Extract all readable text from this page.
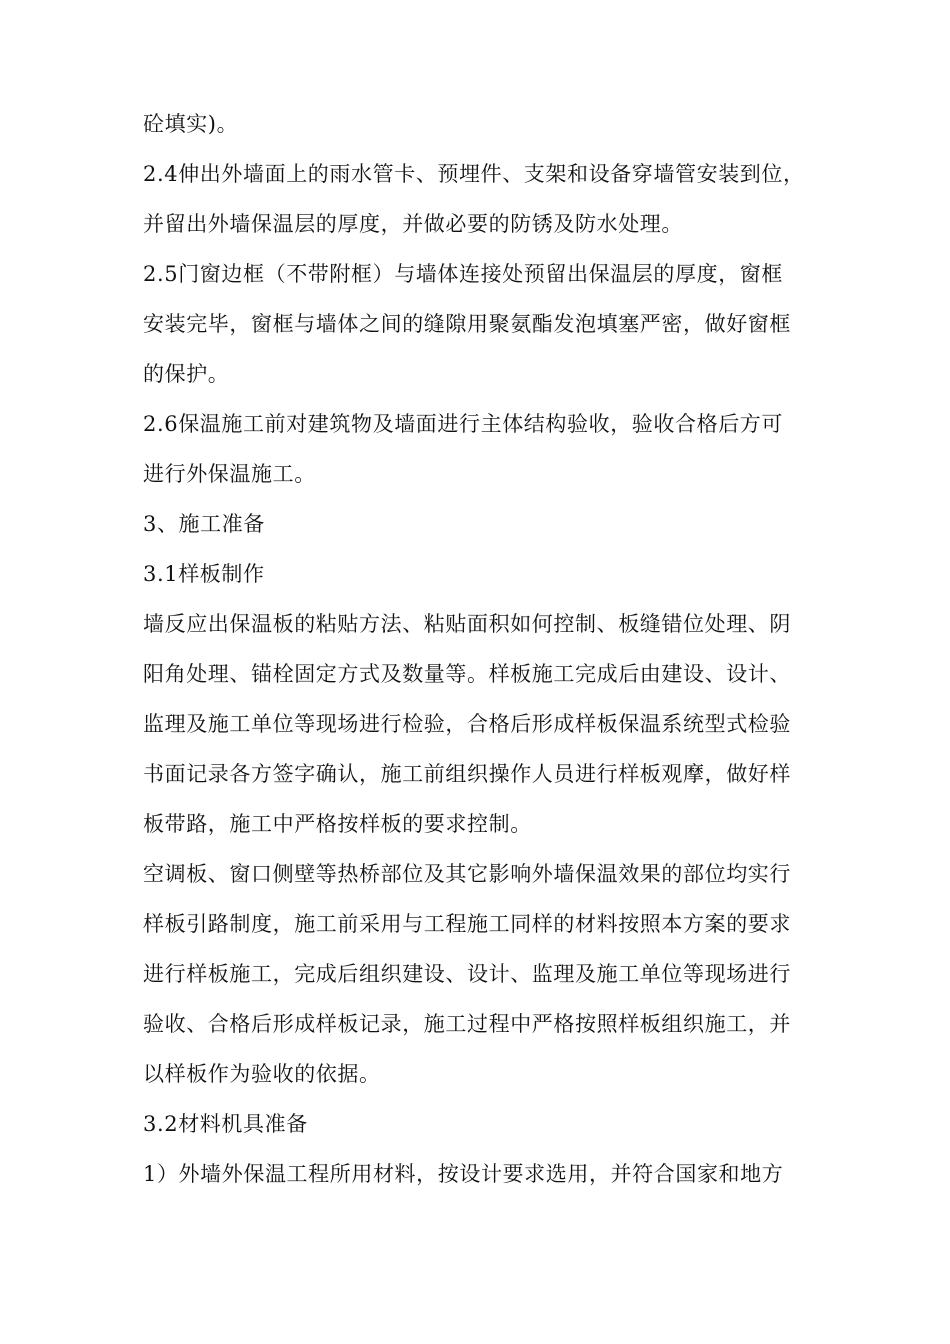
砼填实)。
2.4伸出外墙面上的雨水管卡、预埋件、支架和设备穿墙管安装到位，
并留出外墙保温层的厚度，并做必要的防锈及防水处理。
2.5门窗边框（不带附框）与墙体连接处预留出保温层的厚度，窗框
安装完毕，窗框与墙体之间的缝隙用聚氨酯发泡填塞严密，做好窗框
的保护。
2.6保温施工前对建筑物及墙面进行主体结构验收，验收合格后方可
进行外保温施工。
3、施工准备
3.1样板制作
墙反应出保温板的粘贴方法、粘贴面积如何控制、板缝错位处理、阴
阳角处理、锚栓固定方式及数量等。样板施工完成后由建设、设计、
监理及施工单位等现场进行检验，合格后形成样板保温系统型式检验
书面记录各方签字确认，施工前组织操作人员进行样板观摩，做好样
板带路，施工中严格按样板的要求控制。
空调板、窗口侧壁等热桥部位及其它影响外墙保温效果的部位均实行
样板引路制度，施工前采用与工程施工同样的材料按照本方案的要求
进行样板施工，完成后组织建设、设计、监理及施工单位等现场进行
验收、合格后形成样板记录，施工过程中严格按照样板组织施工，并
以样板作为验收的依据。
3.2材料机具准备
1）外墙外保温工程所用材料，按设计要求选用，并符合国家和地方
